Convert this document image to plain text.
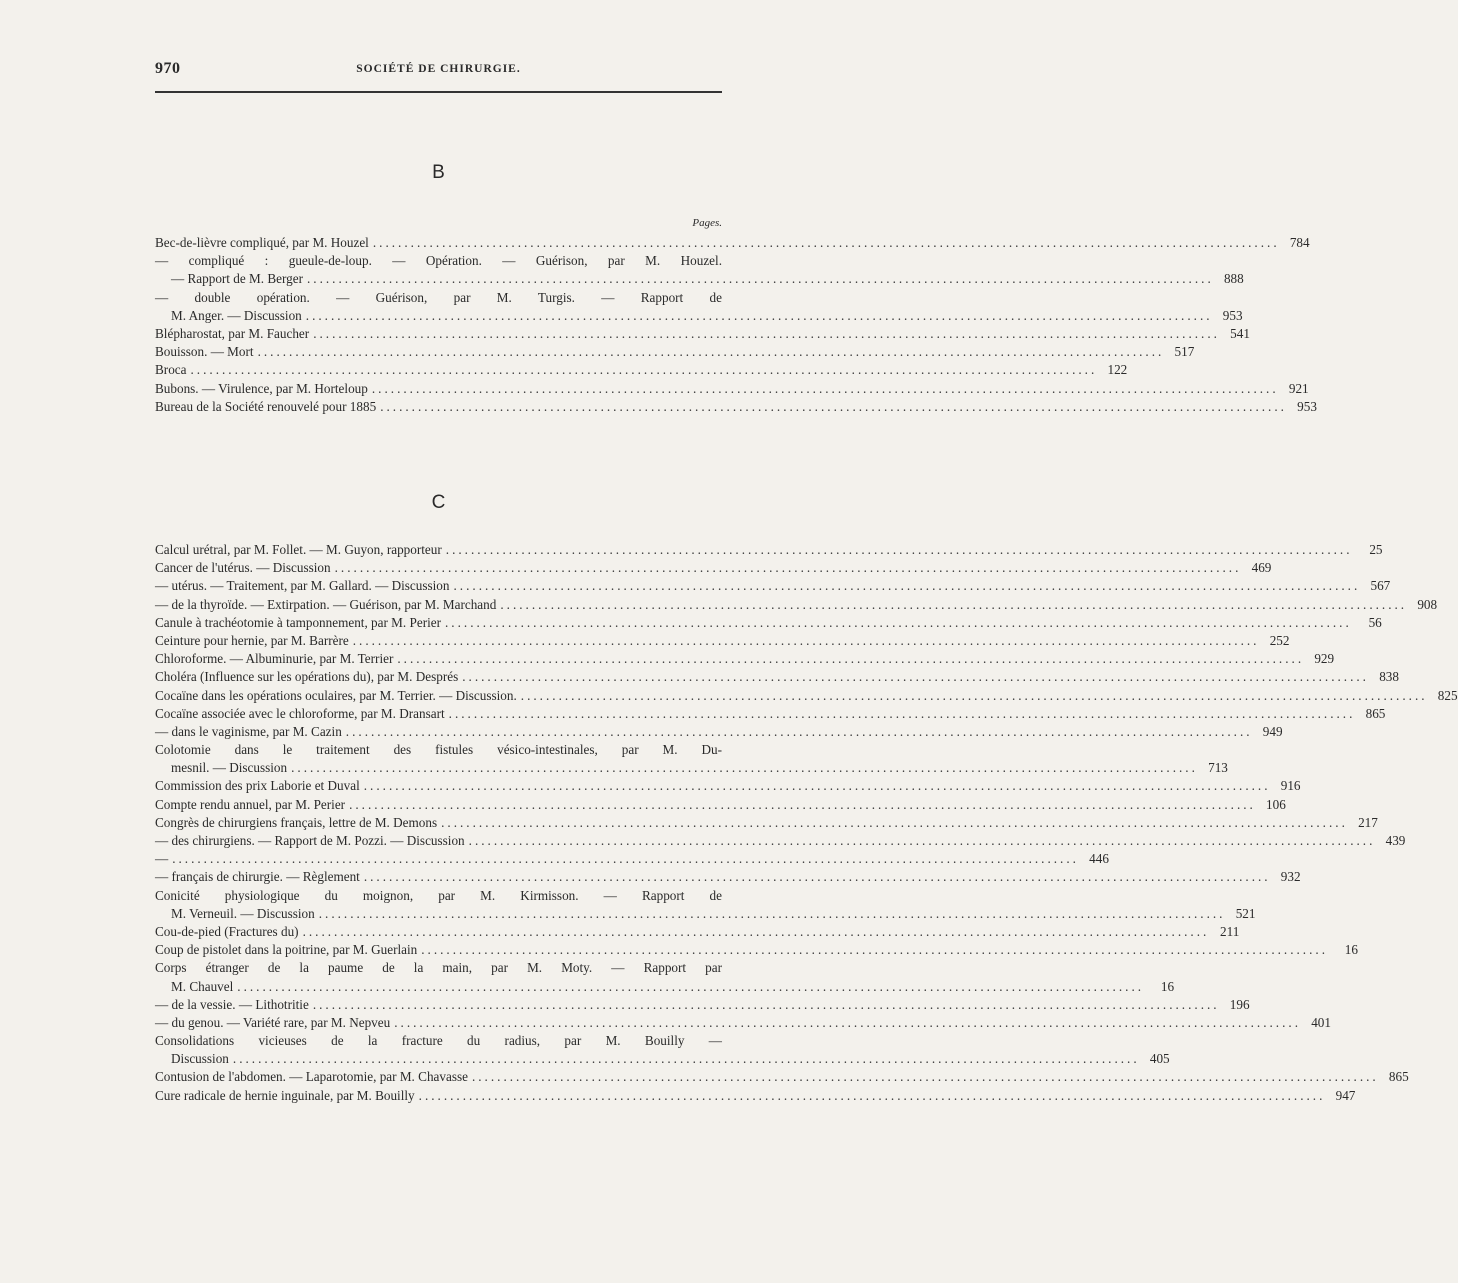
970	SOCIÉTÉ DE CHIRURGIE.
B
Pages.
Bec-de-lièvre compliqué, par M. Houzel .....	784
— compliqué : gueule-de-loup. — Opération. — Guérison, par M. Houzel.
— Rapport de M. Berger .....	888
— double opération. — Guérison, par M. Turgis. — Rapport de
M. Anger. — Discussion .....	953
Blépharostat, par M. Faucher .....	541
Bouisson. — Mort .....	517
Broca .....	122
Bubons. — Virulence, par M. Horteloup .....	921
Bureau de la Société renouvelé pour 1885 .....	953
C
Calcul urétral, par M. Follet. — M. Guyon, rapporteur .....	25
Cancer de l'utérus. — Discussion .....	469
— utérus. — Traitement, par M. Gallard. — Discussion .....	567
— de la thyroïde. — Extirpation. — Guérison, par M. Marchand .....	908
Canule à trachéotomie à tamponnement, par M. Perier .....	56
Ceinture pour hernie, par M. Barrère .....	252
Chloroforme. — Albuminurie, par M. Terrier .....	929
Choléra (Influence sur les opérations du), par M. Després .....	838
Cocaïne dans les opérations oculaires, par M. Terrier. — Discussion. .....	825
Cocaïne associée avec le chloroforme, par M. Dransart .....	865
— dans le vaginisme, par M. Cazin .....	949
Colotomie dans le traitement des fistules vésico-intestinales, par M. Du-
mesnil. — Discussion .....	713
Commission des prix Laborie et Duval .....	916
Compte rendu annuel, par M. Perier .....	106
Congrès de chirurgiens français, lettre de M. Demons .....	217
— des chirurgiens. — Rapport de M. Pozzi. — Discussion .....	439
— .....	446
— français de chirurgie. — Règlement .....	932
Conicité physiologique du moignon, par M. Kirmisson. — Rapport de
M. Verneuil. — Discussion .....	521
Cou-de-pied (Fractures du) .....	211
Coup de pistolet dans la poitrine, par M. Guerlain .....	16
Corps étranger de la paume de la main, par M. Moty. — Rapport par
M. Chauvel .....	16
— de la vessie. — Lithotritie .....	196
— du genou. — Variété rare, par M. Nepveu .....	401
Consolidations vicieuses de la fracture du radius, par M. Bouilly —
Discussion .....	405
Contusion de l'abdomen. — Laparotomie, par M. Chavasse .....	865
Cure radicale de hernie inguinale, par M. Bouilly .....	947
